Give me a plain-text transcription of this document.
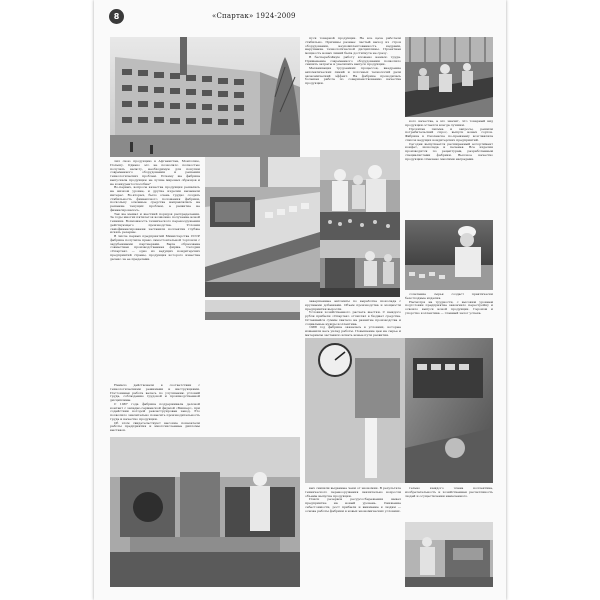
8	«Спартак» 1924-2009

пуск товарной продукции. Не все цеха работали стабильно. Причины разные: частый выход из строя оборудования, неукомплектованность кадрами, нарушение технологической дисциплины. Проектная мощность новых линий была достигнута не сразу.

В бесперебойную работу вложено немало труда. Применение современного оборудования позволило снизить затраты и увеличить выпуск продукции.

Механизация трудоемких процессов, внедрение автоматических линий и поточных технологий дали экономический эффект. На фабрике проводилась большая работа по совершенствованию качества продукции.

кого качества, а это значит, что товарный вид продукции остается всегда лучшим.

Прочитав письма и запросы, решили потребительский спрос, выпуск новых сортов. Фабрика в Смоленске по-прежнему возглавляла список ведущих кондитерских предприятий.

Сегодня выпускается расширенный ассортимент конфет, шоколада и печенья. Все изделия производятся по рецептурам, разработанным специалистами фабрики. Высокое качество продукции отмечено многими наградами.

лил свою продукцию в Афганистан, Монголию, Польшу. Однако это не позволяло полностью получать валюту, необходимую для покупки современного оборудования и решения технологических проблем. Почему же фабрика выпускала продукцию не лучше мировых образцов и не конкурентоспособна?

Во-первых, вопросы качества продукции решались на низком уровне, и другие изделия вызывали интерес. Во-вторых, было очень трудно создать стабильность финансового положения фабрики, поскольку основные средства направлялись на решение текущих проблем, а развитие не финансировалось.

Так же мешал и жесткий порядок распределения. За годы многих пятилеток возможно получение новой техники. Возможность технического перевооружения действующего производства. Условия самофинансирования заставили коллектив глубже искать резервы.

В числе первых предприятий Министерства СССР фабрика получила право самостоятельной торговли с зарубежными партнерами. Была образована совместная производственная фирма. Сегодня «Спартак» — одно из ведущих кондитерских предприятий страны, продукция которого известна далеко за ее пределами.

сочетание сырья создаст практически безотходные изделия.

Несмотря на трудности, с высоким уровнем подготовки предприятие закончило перестройку и освоило выпуск новой продукции. Героизм и упорство коллектива — главный залог успеха.

завершенные автоматы по выработке шоколада с крупными добавками. Объем производства и мощности предприятия выросли.

Условия хозяйственного расчета жестки. С каждого рубля прибыли «Спартак» отчислял в бюджет средства. Оставшейся суммы хватало на развитие производства и социальные нужды коллектива.

1988 год фабрика оказалась в условиях, которые изменили весь уклад работы. Повышение цен на сырье и материалы заставило искать новые пути развития.

Немало действовали в соответствии с технологическими режимами и инструкциями. Постоянная работа велась по улучшению условий труда, соблюдению трудовой и производственной дисциплины.

С 1987 года фабрика поддерживала деловой контакт с западно-германской фирмой «Биккер», при содействии которой реконструирован завод. Это позволило значительно повысить производительность труда и качество продукции.

Об этом свидетельствуют высокие показатели работы предприятия и многочисленные дипломы выставок.

вых снизили выданные чеки от экономии. В результате технического перевооружения значительно возросли объемы выпуска продукции.

Поиск резервов ресурсосбережения вывел предприятие на новый уровень. Снижение себестоимости, рост прибыли и внимание к людям — основа работы фабрики в новых экономических условиях.

тельно каждого члена коллектива, изобретательность и хозяйственная расчетливость людей и осуществления намеченного.
